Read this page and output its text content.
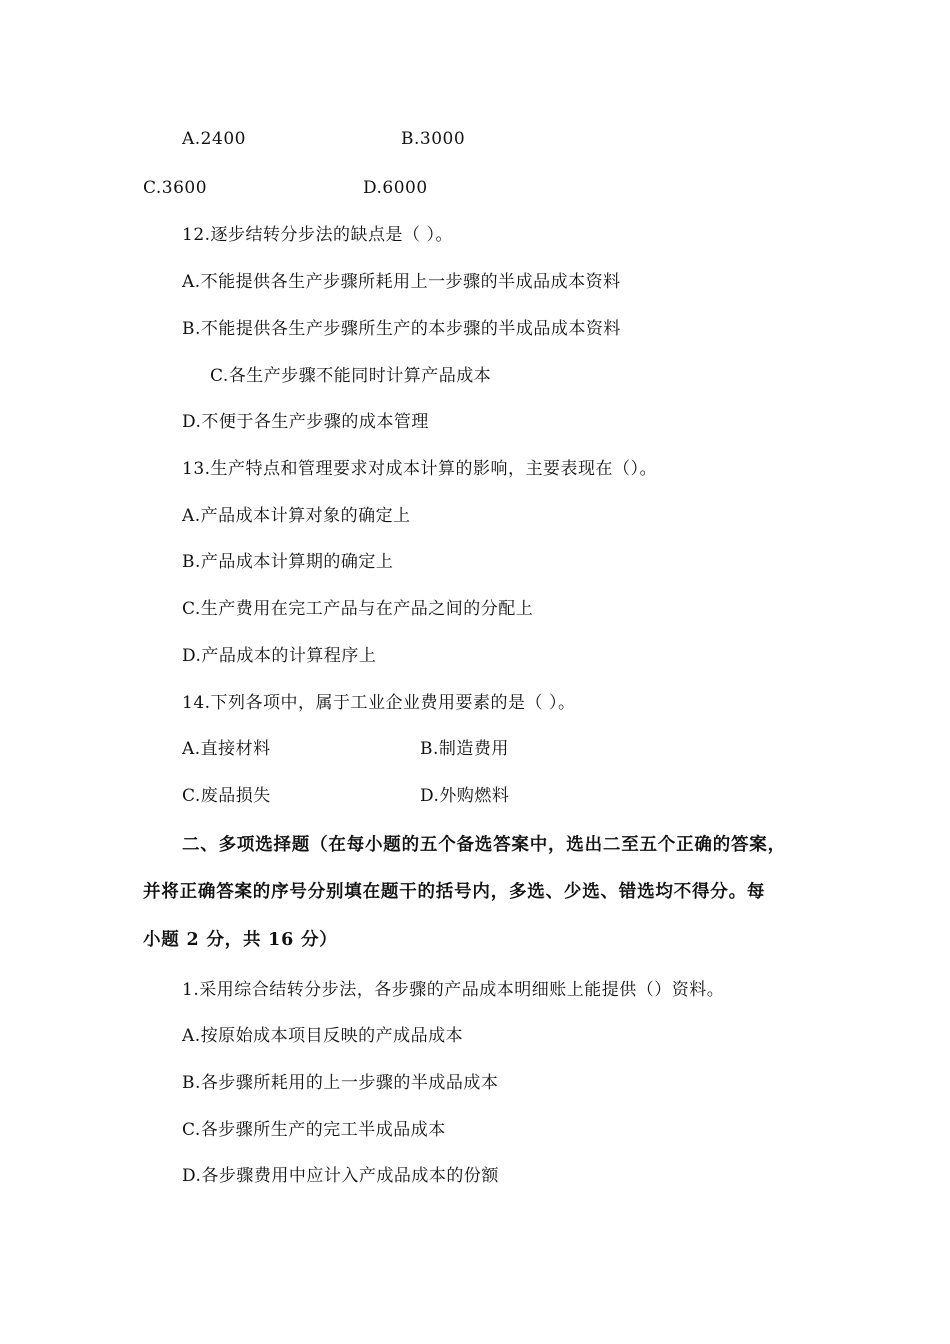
A.2400	B.3000
C.3600	D.6000
12.逐步结转分步法的缺点是（ ）。
A.不能提供各生产步骤所耗用上一步骤的半成品成本资料
B.不能提供各生产步骤所生产的本步骤的半成品成本资料
C.各生产步骤不能同时计算产品成本
D.不便于各生产步骤的成本管理
13.生产特点和管理要求对成本计算的影响，主要表现在（）。
A.产品成本计算对象的确定上
B.产品成本计算期的确定上
C.生产费用在完工产品与在产品之间的分配上
D.产品成本的计算程序上
14.下列各项中，属于工业企业费用要素的是（ ）。
A.直接材料	B.制造费用
C.废品损失	D.外购燃料
二、多项选择题（在每小题的五个备选答案中，选出二至五个正确的答案，
并将正确答案的序号分别填在题干的括号内，多选、少选、错选均不得分。每
小题 2 分，共 16 分）
1.采用综合结转分步法，各步骤的产品成本明细账上能提供（）资料。
A.按原始成本项目反映的产成品成本
B.各步骤所耗用的上一步骤的半成品成本
C.各步骤所生产的完工半成品成本
D.各步骤费用中应计入产成品成本的份额
